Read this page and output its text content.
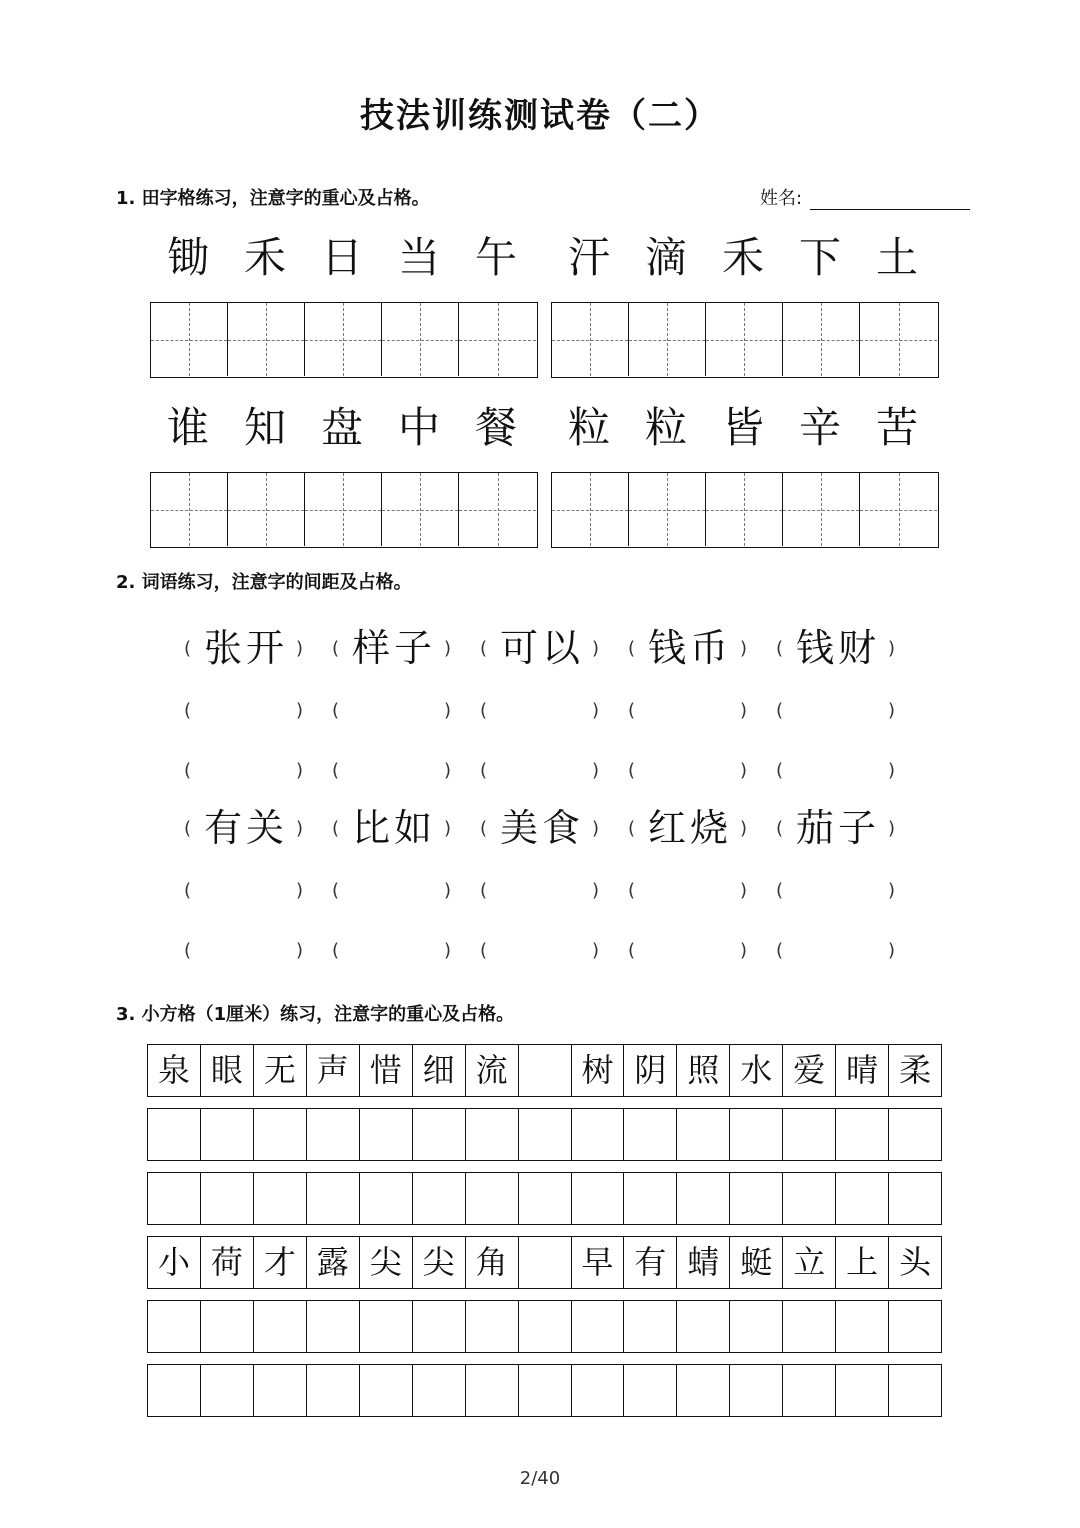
技法训练测试卷（二）
1. 田字格练习，注意字的重心及占格。	姓名:
锄 禾 日 当 午	汗 滴 禾 下 土
谁 知 盘 中 餐	粒 粒 皆 辛 苦
2. 词语练习，注意字的间距及占格。
( 张开 ) ( 样子 ) ( 可以 ) ( 钱币 ) ( 钱财 )
(	) (	) (	) (	) (	)
(	) (	) (	) (	) (	)
( 有关 ) ( 比如 ) ( 美食 ) ( 红烧 ) ( 茄子 )
(	) (	) (	) (	) (	)
(	) (	) (	) (	) (	)
3. 小方格（1厘米）练习，注意字的重心及占格。
泉 眼 无 声 惜 细 流	树 阴 照 水 爱 晴 柔
小 荷 才 露 尖 尖 角	早 有 蜻 蜓 立 上 头
2/40
